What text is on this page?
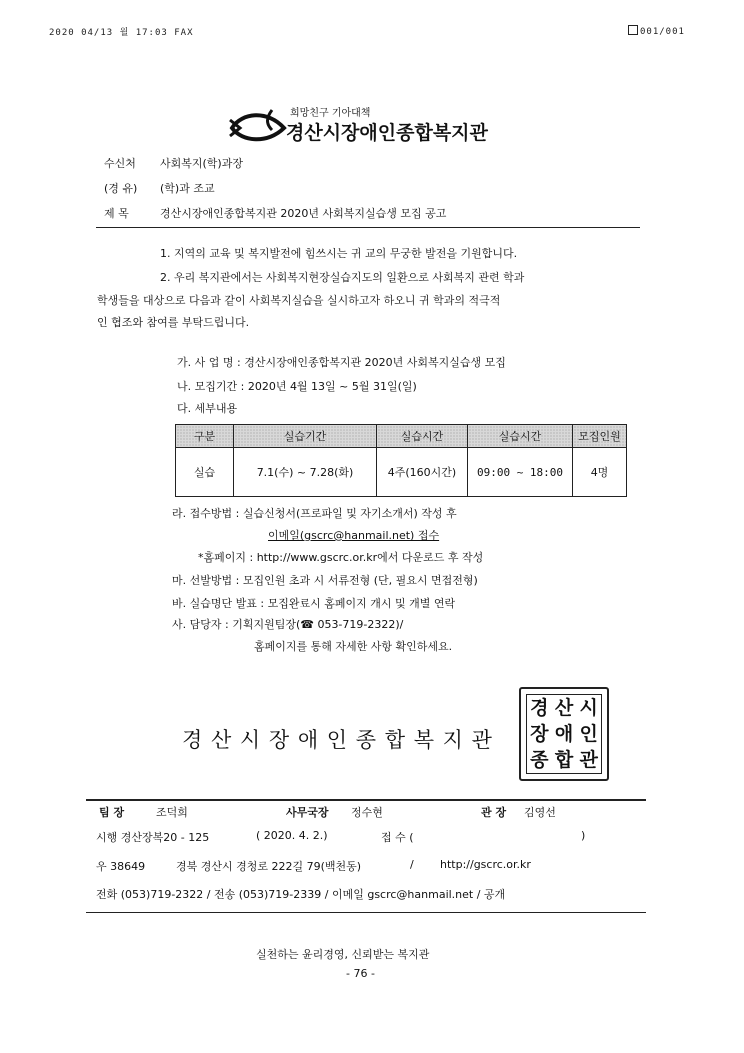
2020 04/13 월 17:03 FAX	001/001
희망친구 기아대책
경산시장애인종합복지관
수신처 사회복지(학)과장
(경 유) (학)과 조교
제 목	경산시장애인종합복지관 2020년 사회복지실습생 모집 공고
1. 지역의 교육 및 복지발전에 힘쓰시는 귀 교의 무궁한 발전을 기원합니다.
2. 우리 복지관에서는 사회복지현장실습지도의 일환으로 사회복지 관련 학과
학생들을 대상으로 다음과 같이 사회복지실습을 실시하고자 하오니 귀 학과의 적극적
인 협조와 참여를 부탁드립니다.
가. 사 업 명 : 경산시장애인종합복지관 2020년 사회복지실습생 모집
나. 모집기간 : 2020년 4월 13일 ~ 5월 31일(일)
다. 세부내용
구분	실습기간	실습시간	실습시간	모집인원
실습	7.1(수) ~ 7.28(화)	4주(160시간)	09:00 ~ 18:00	4명
라. 접수방법 : 실습신청서(프로파일 및 자기소개서) 작성 후
이메일(gscrc@hanmail.net) 접수
*홈페이지 : http://www.gscrc.or.kr에서 다운로드 후 작성
마. 선발방법 : 모집인원 초과 시 서류전형 (단, 필요시 면접전형)
바. 실습명단 발표 : 모집완료시 홈페이지 개시 및 개별 연락
사. 담당자 : 기획지원팀장(☎ 053-719-2322)/
홈페이지를 통해 자세한 사항 확인하세요.
경 산 시 장 애 인 종 합 복 지 관
경 산 시
장 애 인
종 합 관
팀 장	조덕희	사무국장 정수현	관 장 김영선
시행 경산장복20 - 125	( 2020. 4. 2.)	접 수 (	)
우 38649	경북 경산시 경청로 222길 79(백천동)	/ http://gscrc.or.kr
전화 (053)719-2322 / 전송 (053)719-2339 / 이메일 gscrc@hanmail.net / 공개
실천하는 윤리경영, 신뢰받는 복지관
- 76 -
